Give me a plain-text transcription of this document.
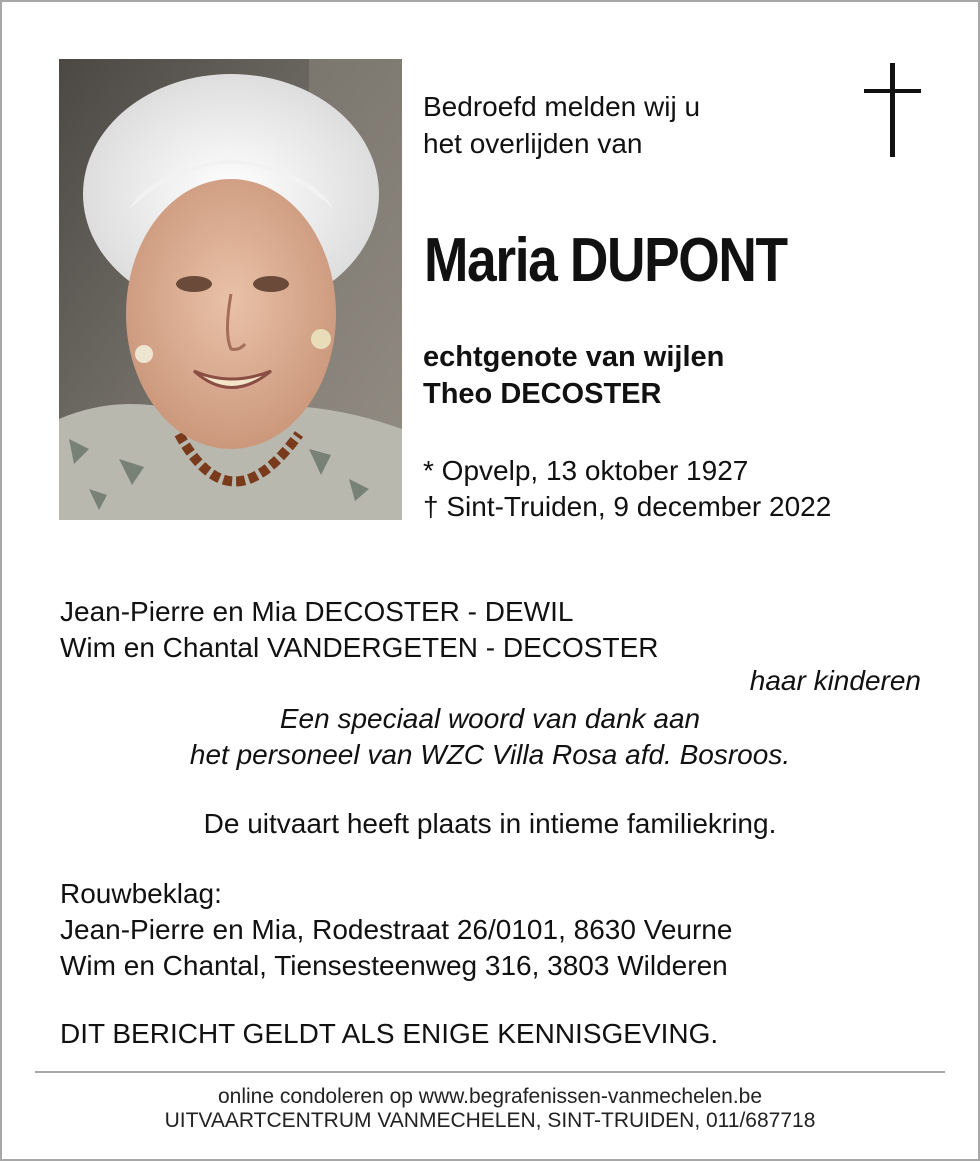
Bedroefd melden wij u
het overlijden van
Maria DUPONT
echtgenote van wijlen
Theo DECOSTER
* Opvelp, 13 oktober 1927
† Sint-Truiden, 9 december 2022
Jean-Pierre en Mia DECOSTER - DEWIL
Wim en Chantal VANDERGETEN - DECOSTER
haar kinderen
Een speciaal woord van dank aan
het personeel van WZC Villa Rosa afd. Bosroos.
De uitvaart heeft plaats in intieme familiekring.
Rouwbeklag:
Jean-Pierre en Mia, Rodestraat 26/0101, 8630 Veurne
Wim en Chantal, Tiensesteenweg 316, 3803 Wilderen
DIT BERICHT GELDT ALS ENIGE KENNISGEVING.
online condoleren op www.begrafenissen-vanmechelen.be
UITVAARTCENTRUM VANMECHELEN, SINT-TRUIDEN, 011/687718
